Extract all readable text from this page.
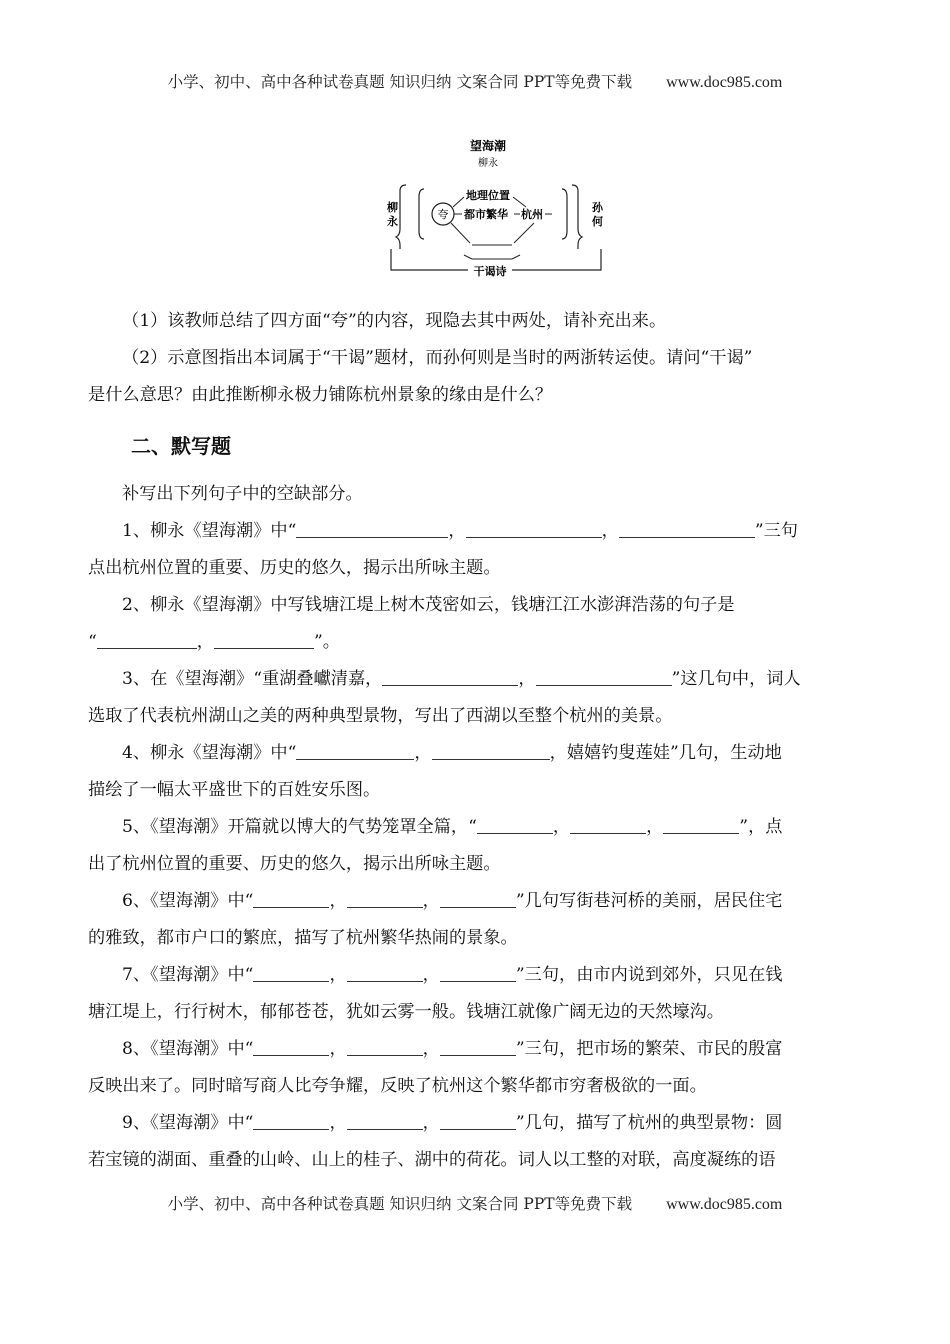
小学、初中、高中各种试卷真题 知识归纳 文案合同 PPT等免费下载 www.doc985.com
望海潮
柳永
柳永
孙何
夸
地理位置
都市繁华 杭州
干谒诗
（1）该教师总结了四方面“夸”的内容，现隐去其中两处，请补充出来。
（2）示意图指出本词属于“干谒”题材，而孙何则是当时的两浙转运使。请问“干谒”
是什么意思？由此推断柳永极力铺陈杭州景象的缘由是什么？
二、默写题
补写出下列句子中的空缺部分。
1、柳永《望海潮》中“	，	，	”三句
点出杭州位置的重要、历史的悠久，揭示出所咏主题。
2、柳永《望海潮》中写钱塘江堤上树木茂密如云，钱塘江江水澎湃浩荡的句子是
“	，	”。
3、在《望海潮》“重湖叠巘清嘉，	，	”这几句中，词人
选取了代表杭州湖山之美的两种典型景物，写出了西湖以至整个杭州的美景。
4、柳永《望海潮》中“	，	，嬉嬉钓叟莲娃”几句，生动地
描绘了一幅太平盛世下的百姓安乐图。
5、《望海潮》开篇就以博大的气势笼罩全篇，“	，	，	”，点
出了杭州位置的重要、历史的悠久，揭示出所咏主题。
6、《望海潮》中“	，	，	”几句写街巷河桥的美丽，居民住宅
的雅致，都市户口的繁庶，描写了杭州繁华热闹的景象。
7、《望海潮》中“	，	，	”三句，由市内说到郊外，只见在钱
塘江堤上，行行树木，郁郁苍苍，犹如云雾一般。钱塘江就像广阔无边的天然壕沟。
8、《望海潮》中“	，	，	”三句，把市场的繁荣、市民的殷富
反映出来了。同时暗写商人比夸争耀，反映了杭州这个繁华都市穷奢极欲的一面。
9、《望海潮》中“	，	，	”几句，描写了杭州的典型景物：圆
若宝镜的湖面、重叠的山岭、山上的桂子、湖中的荷花。词人以工整的对联，高度凝练的语
小学、初中、高中各种试卷真题 知识归纳 文案合同 PPT等免费下载 www.doc985.com
